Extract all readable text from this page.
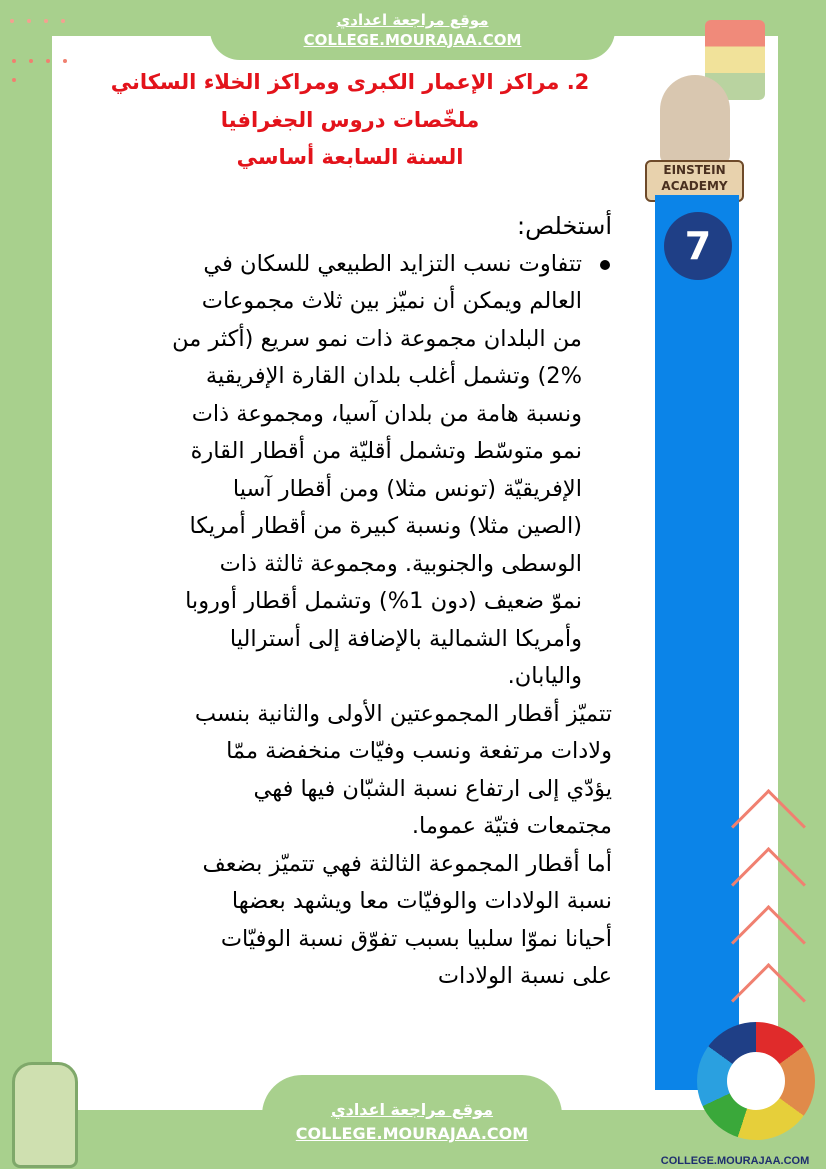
موقع مراجعة اعدادي
COLLEGE.MOURAJAA.COM
2. مراكز الإعمار الكبرى ومراكز الخلاء السكاني
ملخّصات دروس الجغرافيا
السنة السابعة أساسي
EINSTEIN ACADEMY
7
أستخلص:
تتفاوت نسب التزايد الطبيعي للسكان في
العالم ويمكن أن نميّز بين ثلاث مجموعات
من البلدان مجموعة ذات نمو سريع (أكثر من
2%) وتشمل أغلب بلدان القارة الإفريقية
ونسبة هامة من بلدان آسيا، ومجموعة ذات
نمو متوسّط وتشمل أقليّة من أقطار القارة
الإفريقيّة (تونس مثلا) ومن أقطار آسيا
(الصين مثلا) ونسبة كبيرة من أقطار أمريكا
الوسطى والجنوبية. ومجموعة ثالثة ذات
نموّ ضعيف (دون 1%) وتشمل أقطار أوروبا
وأمريكا الشمالية بالإضافة إلى أستراليا
واليابان.
تتميّز أقطار المجموعتين الأولى والثانية بنسب
ولادات مرتفعة ونسب وفيّات منخفضة ممّا
يؤدّي إلى ارتفاع نسبة الشبّان فيها فهي
مجتمعات فتيّة عموما.
أما أقطار المجموعة الثالثة فهي تتميّز بضعف
نسبة الولادات والوفيّات معا ويشهد بعضها
أحيانا نموّا سلبيا بسبب تفوّق نسبة الوفيّات
على نسبة الولادات
موقع مراجعة اعدادي
COLLEGE.MOURAJAA.COM
COLLEGE.MOURAJAA.COM
